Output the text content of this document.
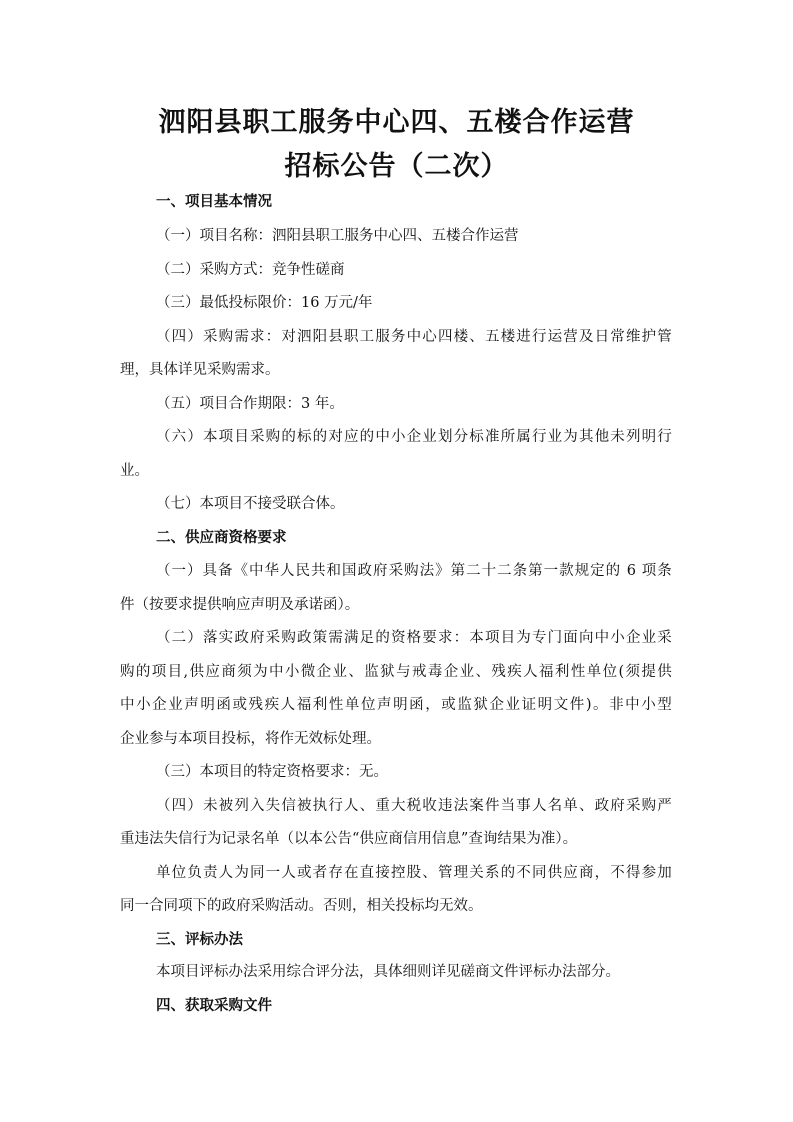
泗阳县职工服务中心四、五楼合作运营
招标公告（二次）

一、项目基本情况

（一）项目名称：泗阳县职工服务中心四、五楼合作运营

（二）采购方式：竞争性磋商

（三）最低投标限价：16 万元/年

（四）采购需求：对泗阳县职工服务中心四楼、五楼进行运营及日常维护管

理，具体详见采购需求。

（五）项目合作期限：3 年。

（六）本项目采购的标的对应的中小企业划分标准所属行业为其他未列明行

业。

（七）本项目不接受联合体。

二、供应商资格要求

（一）具备《中华人民共和国政府采购法》第二十二条第一款规定的 6 项条

件（按要求提供响应声明及承诺函）。

（二）落实政府采购政策需满足的资格要求：本项目为专门面向中小企业采

购的项目,供应商须为中小微企业、监狱与戒毒企业、残疾人福利性单位(须提供

中小企业声明函或残疾人福利性单位声明函，或监狱企业证明文件)。非中小型

企业参与本项目投标，将作无效标处理。

（三）本项目的特定资格要求：无。

（四）未被列入失信被执行人、重大税收违法案件当事人名单、政府采购严

重违法失信行为记录名单（以本公告“供应商信用信息”查询结果为准）。

单位负责人为同一人或者存在直接控股、管理关系的不同供应商，不得参加

同一合同项下的政府采购活动。否则，相关投标均无效。

三、评标办法

本项目评标办法采用综合评分法，具体细则详见磋商文件评标办法部分。

四、获取采购文件
